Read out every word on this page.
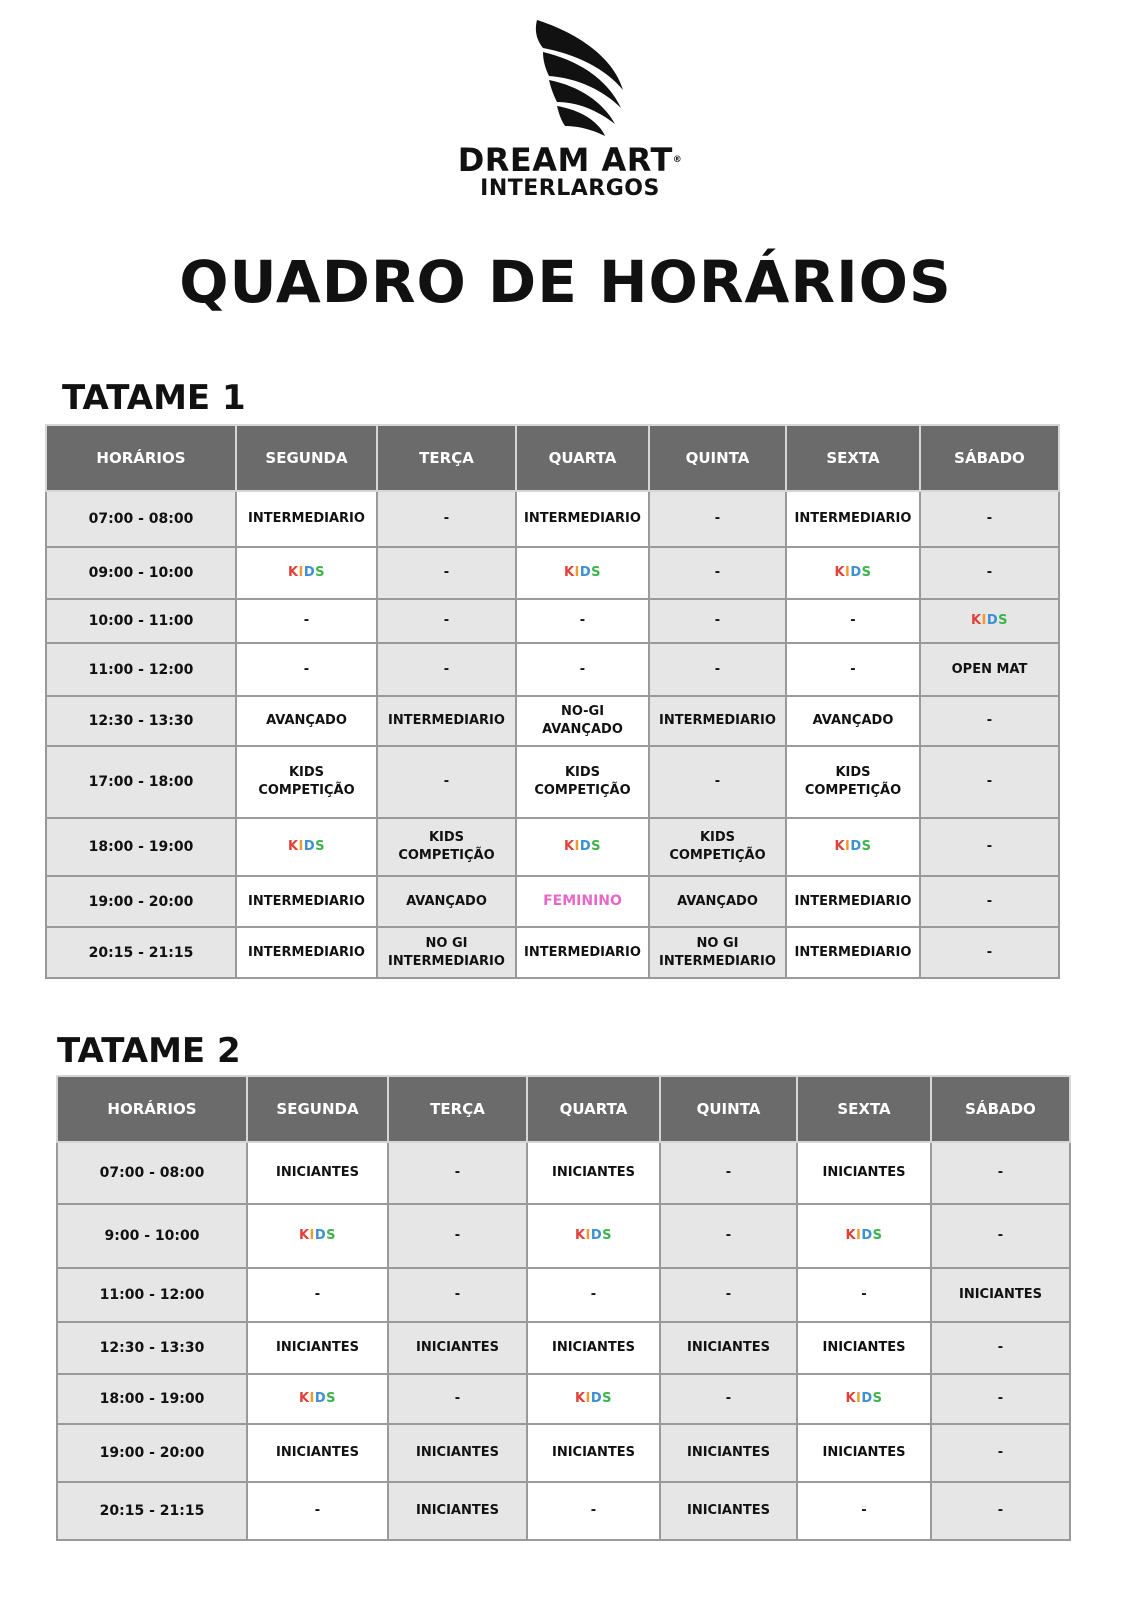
DREAM ART®
INTERLARGOS
QUADRO DE HORÁRIOS
TATAME 1
HORÁRIOS	SEGUNDA	TERÇA	QUARTA	QUINTA	SEXTA	SÁBADO
07:00 - 08:00	INTERMEDIARIO	-	INTERMEDIARIO	-	INTERMEDIARIO	-
09:00 - 10:00	KIDS	-	KIDS	-	KIDS	-
10:00 - 11:00	-	-	-	-	-	KIDS
11:00 - 12:00	-	-	-	-	-	OPEN MAT
12:30 - 13:30	AVANÇADO	INTERMEDIARIO	NO-GI AVANÇADO	INTERMEDIARIO	AVANÇADO	-
17:00 - 18:00	KIDS COMPETIÇÃO	-	KIDS COMPETIÇÃO	-	KIDS COMPETIÇÃO	-
18:00 - 19:00	KIDS	KIDS COMPETIÇÃO	KIDS	KIDS COMPETIÇÃO	KIDS	-
19:00 - 20:00	INTERMEDIARIO	AVANÇADO	FEMININO	AVANÇADO	INTERMEDIARIO	-
20:15 - 21:15	INTERMEDIARIO	NO GI INTERMEDIARIO	INTERMEDIARIO	NO GI INTERMEDIARIO	INTERMEDIARIO	-
TATAME 2
HORÁRIOS	SEGUNDA	TERÇA	QUARTA	QUINTA	SEXTA	SÁBADO
07:00 - 08:00	INICIANTES	-	INICIANTES	-	INICIANTES	-
9:00 - 10:00	KIDS	-	KIDS	-	KIDS	-
11:00 - 12:00	-	-	-	-	-	INICIANTES
12:30 - 13:30	INICIANTES	INICIANTES	INICIANTES	INICIANTES	INICIANTES	-
18:00 - 19:00	KIDS	-	KIDS	-	KIDS	-
19:00 - 20:00	INICIANTES	INICIANTES	INICIANTES	INICIANTES	INICIANTES	-
20:15 - 21:15	-	INICIANTES	-	INICIANTES	-	-
